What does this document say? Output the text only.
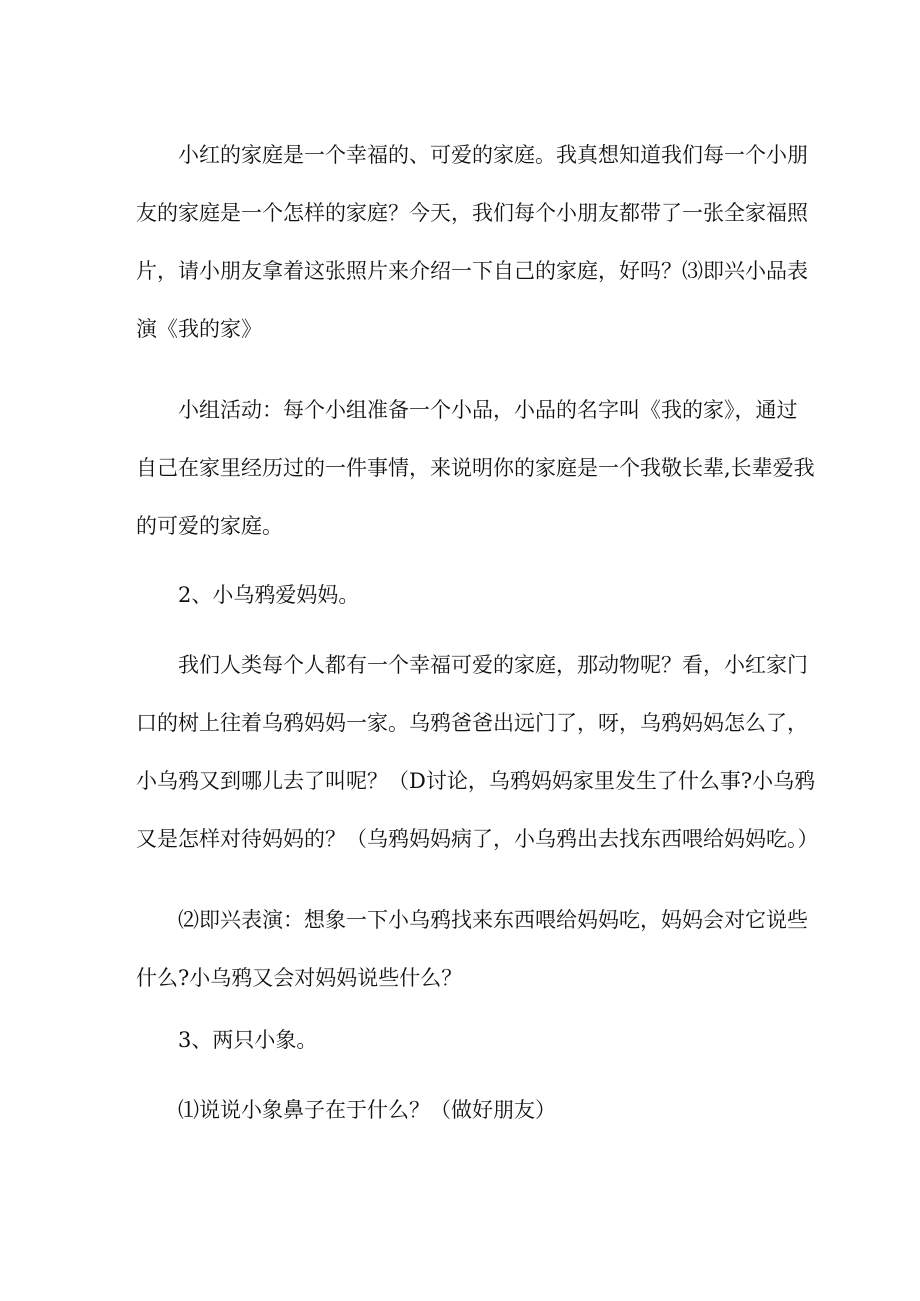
小红的家庭是一个幸福的、可爱的家庭。我真想知道我们每一个小朋
友的家庭是一个怎样的家庭？今天，我们每个小朋友都带了一张全家福照
片，请小朋友拿着这张照片来介绍一下自己的家庭，好吗？⑶即兴小品表
演《我的家》
小组活动：每个小组准备一个小品，小品的名字叫《我的家》，通过
自己在家里经历过的一件事情，来说明你的家庭是一个我敬长辈,长辈爱我
的可爱的家庭。
2、小乌鸦爱妈妈。
我们人类每个人都有一个幸福可爱的家庭，那动物呢？看，小红家门
口的树上往着乌鸦妈妈一家。乌鸦爸爸出远门了，呀，乌鸦妈妈怎么了，
小乌鸦又到哪儿去了叫呢？（D讨论，乌鸦妈妈家里发生了什么事?小乌鸦
又是怎样对待妈妈的？（乌鸦妈妈病了，小乌鸦出去找东西喂给妈妈吃。）
⑵即兴表演：想象一下小乌鸦找来东西喂给妈妈吃，妈妈会对它说些
什么?小乌鸦又会对妈妈说些什么？
3、两只小象。
⑴说说小象鼻子在于什么？（做好朋友）
